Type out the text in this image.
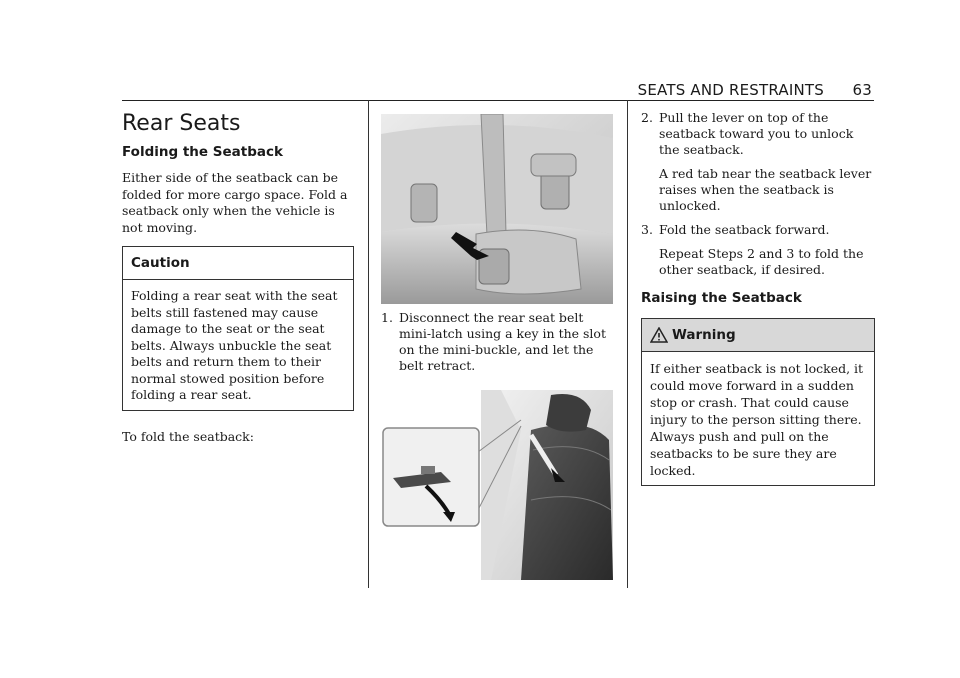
SEATS AND RESTRAINTS 63
Rear Seats
Folding the Seatback

Either side of the seatback can be folded for more cargo space. Fold a seatback only when the vehicle is not moving.

Caution
Folding a rear seat with the seat belts still fastened may cause damage to the seat or the seat belts. Always unbuckle the seat belts and return them to their normal stowed position before folding a rear seat.

To fold the seatback:

1. Disconnect the rear seat belt mini-latch using a key in the slot on the mini-buckle, and let the belt retract.
2. Pull the lever on top of the seatback toward you to unlock the seatback.

A red tab near the seatback lever raises when the seatback is unlocked.

3. Fold the seatback forward.

Repeat Steps 2 and 3 to fold the other seatback, if desired.

Raising the Seatback
Warning
If either seatback is not locked, it could move forward in a sudden stop or crash. That could cause injury to the person sitting there. Always push and pull on the seatbacks to be sure they are locked.
